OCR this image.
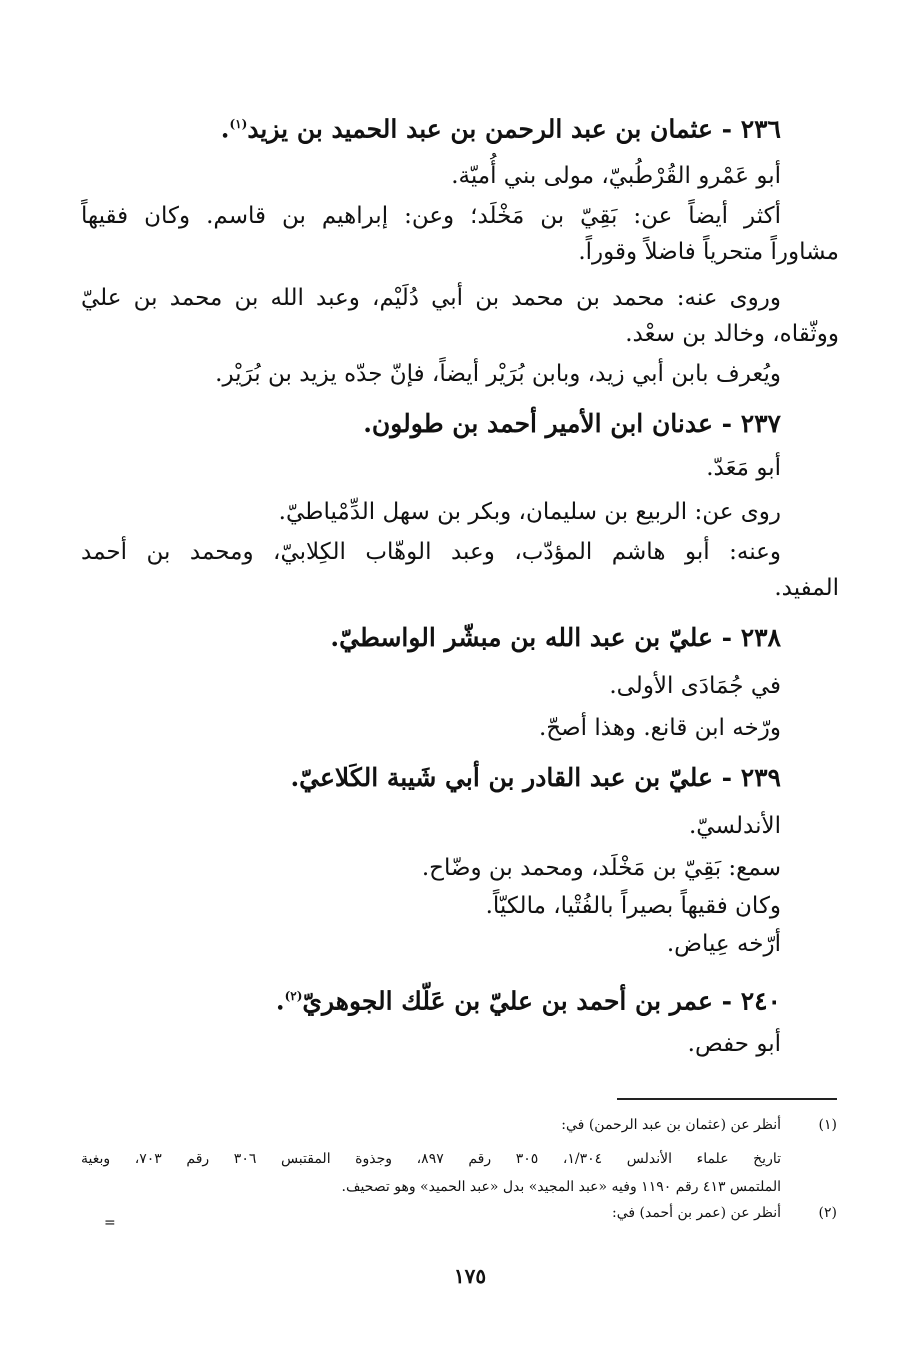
٢٣٦ - عثمان بن عبد الرحمن بن عبد الحميد بن يزيد$^{(١)}$.
أبو عَمْرو القُرْطُبيّ، مولى بني أُميّة.
أكثر أيضاً عن: بَقِيّ بن مَخْلَد؛ وعن: إبراهيم بن قاسم. وكان فقيهاً
مشاوراً متحرياً فاضلاً وقوراً.
وروى عنه: محمد بن محمد بن أبي دُلَيْم، وعبد الله بن محمد بن عليّ
ووثّقاه، وخالد بن سعْد.
ويُعرف بابن أبي زيد، وبابن بُرَيْر أيضاً، فإنّ جدّه يزيد بن بُرَيْر.
٢٣٧ - عدنان ابن الأمير أحمد بن طولون.
أبو مَعَدّ.
روى عن: الربيع بن سليمان، وبكر بن سهل الدِّمْياطيّ.
وعنه: أبو هاشم المؤدّب، وعبد الوهّاب الكِلابيّ، ومحمد بن أحمد
المفيد.
٢٣٨ - عليّ بن عبد الله بن مبشّر الواسطيّ.
في جُمَادَى الأولى.
ورّخه ابن قانع. وهذا أصحّ.
٢٣٩ - عليّ بن عبد القادر بن أبي شَيبة الكَلاعيّ.
الأندلسيّ.
سمع: بَقِيّ بن مَخْلَد، ومحمد بن وضّاح.
وكان فقيهاً بصيراً بالفُتْيا، مالكيّاً.
أرّخه عِياض.
٢٤٠ - عمر بن أحمد بن عليّ بن عَلّك الجوهريّ$^{(٢)}$.
أبو حفص.
(١)
أنظر عن (عثمان بن عبد الرحمن) في:
تاريخ علماء الأندلس ١/٣٠٤، ٣٠٥ رقم ٨٩٧، وجذوة المقتبس ٣٠٦ رقم ٧٠٣، وبغية
الملتمس ٤١٣ رقم ١١٩٠ وفيه «عبد المجيد» بدل «عبد الحميد» وهو تصحيف.
(٢)
أنظر عن (عمر بن أحمد) في:
=
١٧٥
